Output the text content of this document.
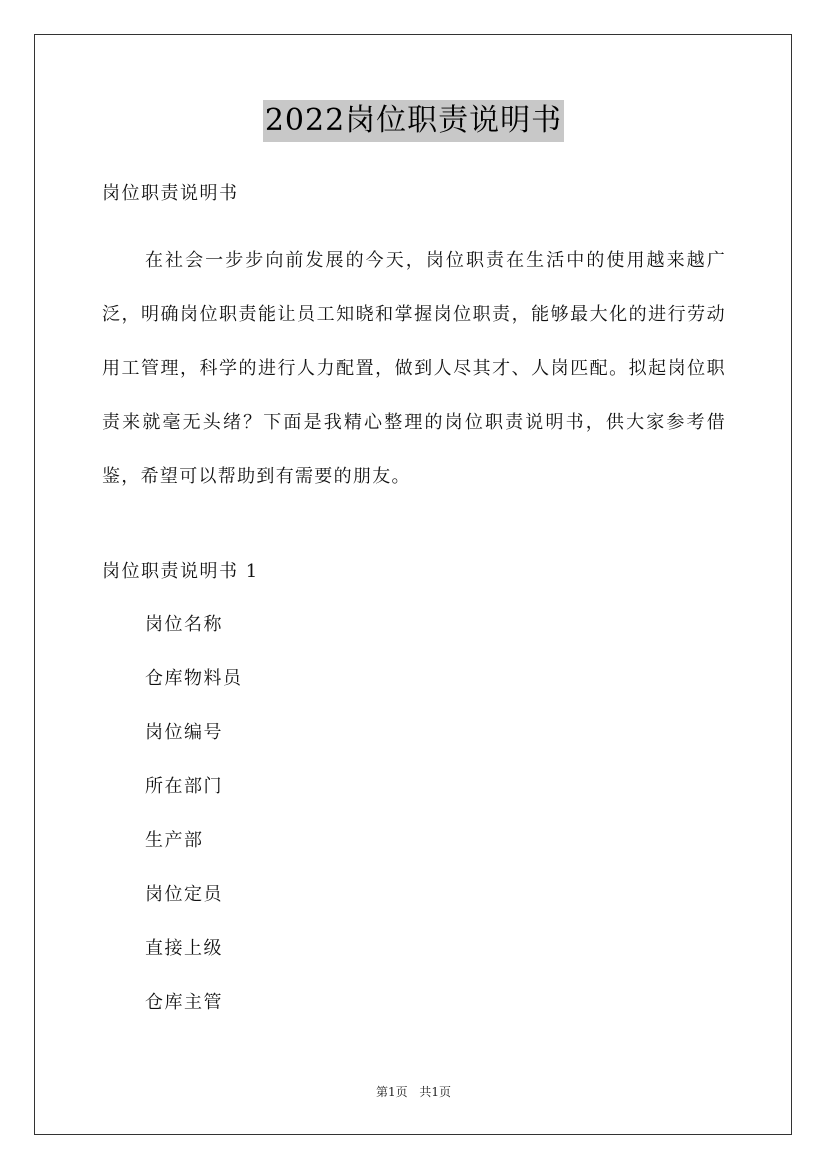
2022岗位职责说明书
岗位职责说明书
在社会一步步向前发展的今天，岗位职责在生活中的使用越来越广泛，明确岗位职责能让员工知晓和掌握岗位职责，能够最大化的进行劳动用工管理，科学的进行人力配置，做到人尽其才、人岗匹配。拟起岗位职责来就毫无头绪？下面是我精心整理的岗位职责说明书，供大家参考借鉴，希望可以帮助到有需要的朋友。
岗位职责说明书 1
岗位名称
仓库物料员
岗位编号
所在部门
生产部
岗位定员
直接上级
仓库主管
第1页 共1页
